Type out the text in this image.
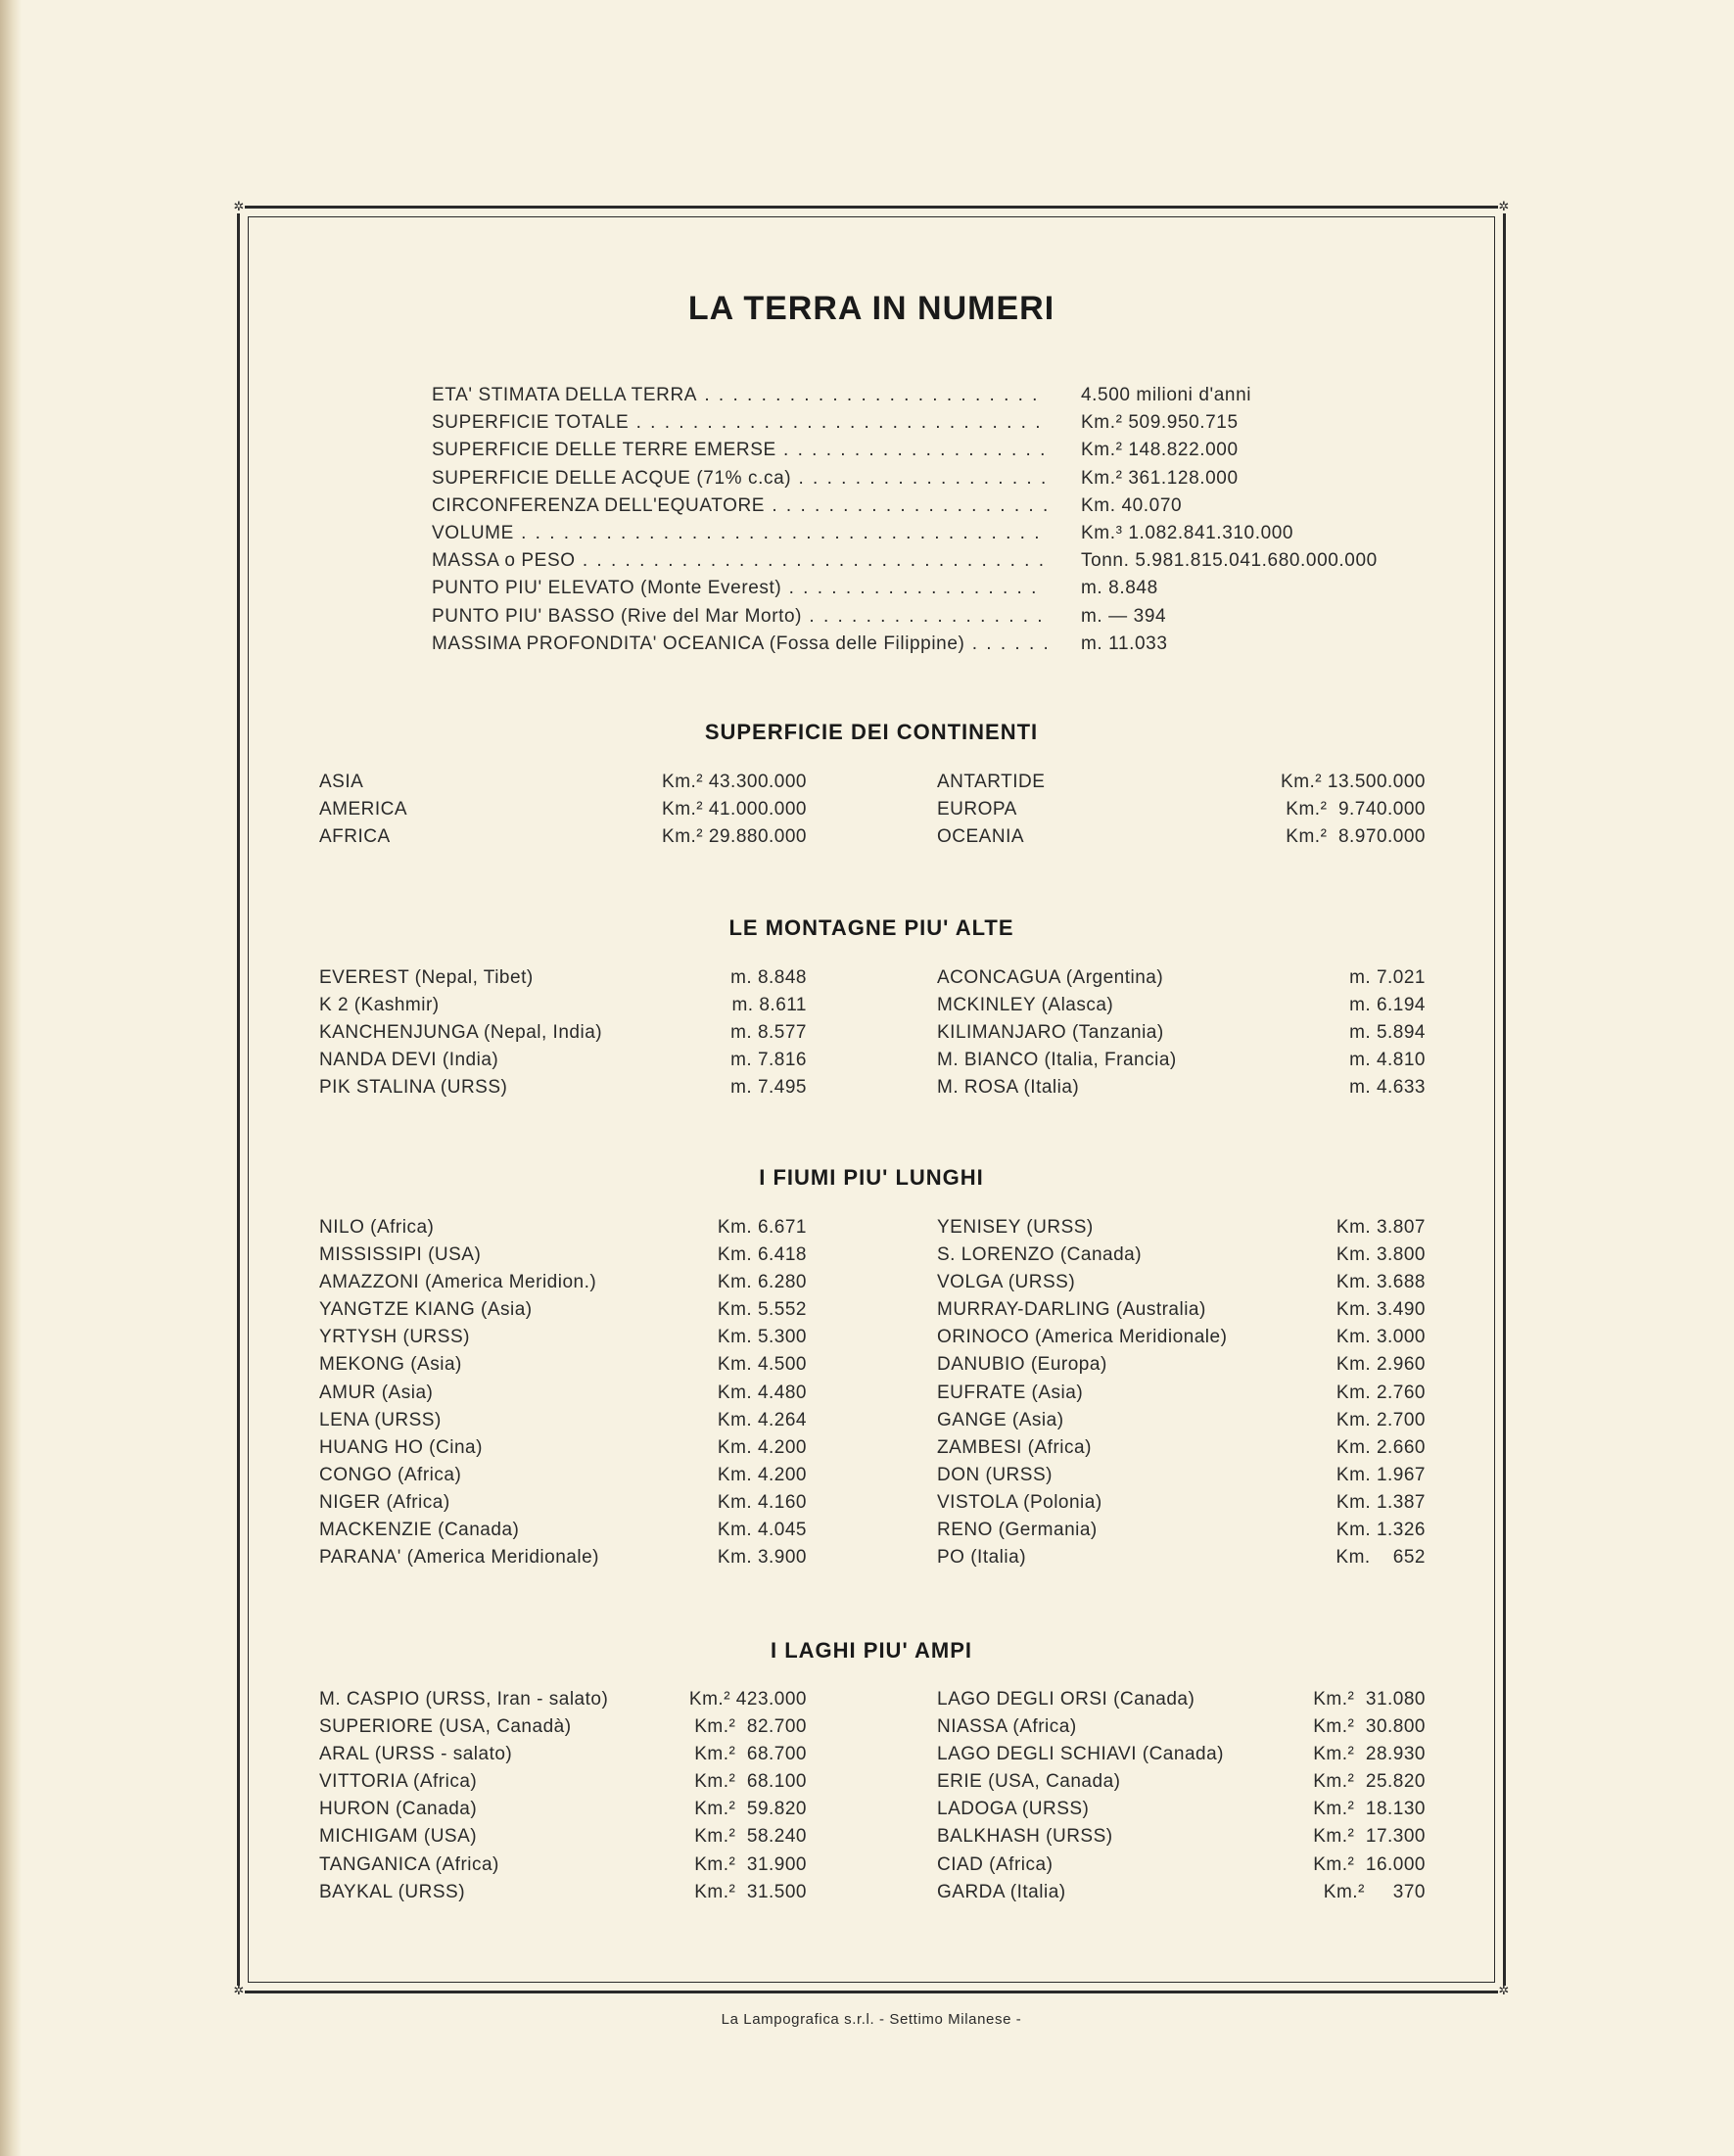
✲	✲
✲	✲
LA TERRA IN NUMERI
ETA' STIMATA DELLA TERRA . .	4.500 milioni d'anni
SUPERFICIE TOTALE . .	Km.² 509.950.715
SUPERFICIE DELLE TERRE EMERSE . .	Km.² 148.822.000
SUPERFICIE DELLE ACQUE (71% c.ca) . .	Km.² 361.128.000
CIRCONFERENZA DELL'EQUATORE . .	Km. 40.070
VOLUME . .	Km.³ 1.082.841.310.000
MASSA o PESO . .	Tonn. 5.981.815.041.680.000.000
PUNTO PIU' ELEVATO (Monte Everest) . .	m. 8.848
PUNTO PIU' BASSO (Rive del Mar Morto) . .	m. — 394
MASSIMA PROFONDITA' OCEANICA (Fossa delle Filippine) . .	m. 11.033
SUPERFICIE DEI CONTINENTI
ASIA	Km.² 43.300.000	ANTARTIDE	Km.² 13.500.000
AMERICA	Km.² 41.000.000	EUROPA	Km.²  9.740.000
AFRICA	Km.² 29.880.000	OCEANIA	Km.²  8.970.000
LE MONTAGNE PIU' ALTE
EVEREST (Nepal, Tibet)	m. 8.848	ACONCAGUA (Argentina)	m. 7.021
K 2 (Kashmir)	m. 8.611	MCKINLEY (Alasca)	m. 6.194
KANCHENJUNGA (Nepal, India)	m. 8.577	KILIMANJARO (Tanzania)	m. 5.894
NANDA DEVI (India)	m. 7.816	M. BIANCO (Italia, Francia)	m. 4.810
PIK STALINA (URSS)	m. 7.495	M. ROSA (Italia)	m. 4.633
I FIUMI PIU' LUNGHI
NILO (Africa)	Km. 6.671	YENISEY (URSS)	Km. 3.807
MISSISSIPI (USA)	Km. 6.418	S. LORENZO (Canada)	Km. 3.800
AMAZZONI (America Meridion.)	Km. 6.280	VOLGA (URSS)	Km. 3.688
YANGTZE KIANG (Asia)	Km. 5.552	MURRAY-DARLING (Australia)	Km. 3.490
YRTYSH (URSS)	Km. 5.300	ORINOCO (America Meridionale)	Km. 3.000
MEKONG (Asia)	Km. 4.500	DANUBIO (Europa)	Km. 2.960
AMUR (Asia)	Km. 4.480	EUFRATE (Asia)	Km. 2.760
LENA (URSS)	Km. 4.264	GANGE (Asia)	Km. 2.700
HUANG HO (Cina)	Km. 4.200	ZAMBESI (Africa)	Km. 2.660
CONGO (Africa)	Km. 4.200	DON (URSS)	Km. 1.967
NIGER (Africa)	Km. 4.160	VISTOLA (Polonia)	Km. 1.387
MACKENZIE (Canada)	Km. 4.045	RENO (Germania)	Km. 1.326
PARANA' (America Meridionale)	Km. 3.900	PO (Italia)	Km.    652
I LAGHI PIU' AMPI
M. CASPIO (URSS, Iran - salato)	Km.² 423.000	LAGO DEGLI ORSI (Canada)	Km.²  31.080
SUPERIORE (USA, Canadà)	Km.²  82.700	NIASSA (Africa)	Km.²  30.800
ARAL (URSS - salato)	Km.²  68.700	LAGO DEGLI SCHIAVI (Canada)	Km.²  28.930
VITTORIA (Africa)	Km.²  68.100	ERIE (USA, Canada)	Km.²  25.820
HURON (Canada)	Km.²  59.820	LADOGA (URSS)	Km.²  18.130
MICHIGAM (USA)	Km.²  58.240	BALKHASH (URSS)	Km.²  17.300
TANGANICA (Africa)	Km.²  31.900	CIAD (Africa)	Km.²  16.000
BAYKAL (URSS)	Km.²  31.500	GARDA (Italia)	Km.²     370
La Lampografica s.r.l. - Settimo Milanese -
